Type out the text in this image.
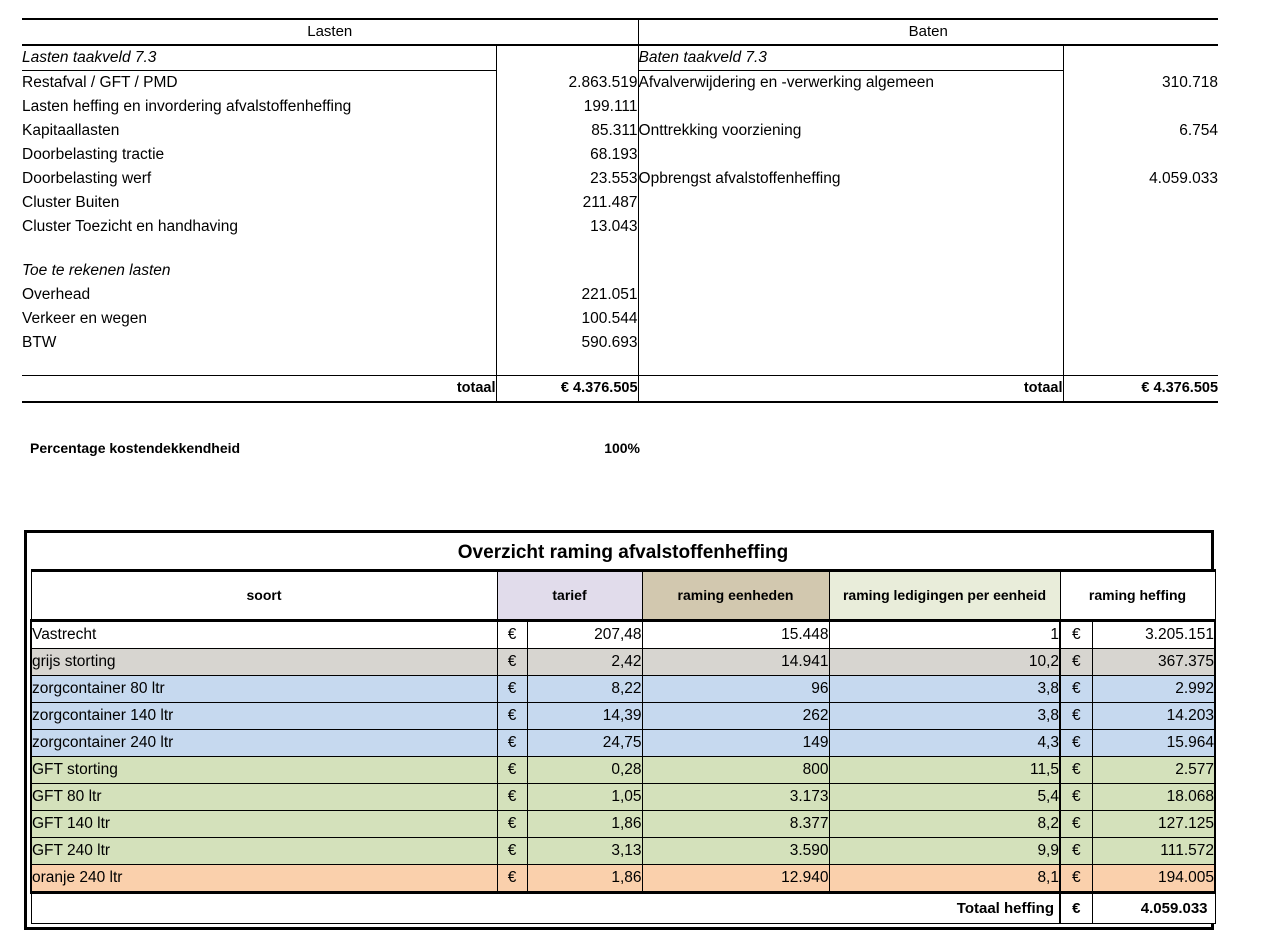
Lasten		Baten	
Lasten taakveld 7.3		Baten taakveld 7.3	
Restafval / GFT / PMD	2.863.519	Afvalverwijdering en -verwerking algemeen	310.718
Lasten heffing en invordering afvalstoffenheffing	199.111		
Kapitaallasten	85.311	Onttrekking voorziening	6.754
Doorbelasting tractie	68.193		
Doorbelasting werf	23.553	Opbrengst afvalstoffenheffing	4.059.033
Cluster Buiten	211.487		
Cluster Toezicht en handhaving	13.043		

Toe te rekenen lasten			
Overhead	221.051		
Verkeer en wegen	100.544		
BTW	590.693		

totaal	€ 4.376.505	totaal	€ 4.376.505
Percentage kostendekkendheid	100%
Overzicht raming afvalstoffenheffing						
soort	tarief		raming eenheden	raming ledigingen per eenheid	raming heffing	
Vastrecht	€	207,48	15.448	1	€	3.205.151
grijs storting	€	2,42	14.941	10,2	€	367.375
zorgcontainer 80 ltr	€	8,22	96	3,8	€	2.992
zorgcontainer 140 ltr	€	14,39	262	3,8	€	14.203
zorgcontainer 240 ltr	€	24,75	149	4,3	€	15.964
GFT storting	€	0,28	800	11,5	€	2.577
GFT 80 ltr	€	1,05	3.173	5,4	€	18.068
GFT 140 ltr	€	1,86	8.377	8,2	€	127.125
GFT 240 ltr	€	3,13	3.590	9,9	€	111.572
oranje 240 ltr	€	1,86	12.940	8,1	€	194.005
Totaal heffing					€	4.059.033
